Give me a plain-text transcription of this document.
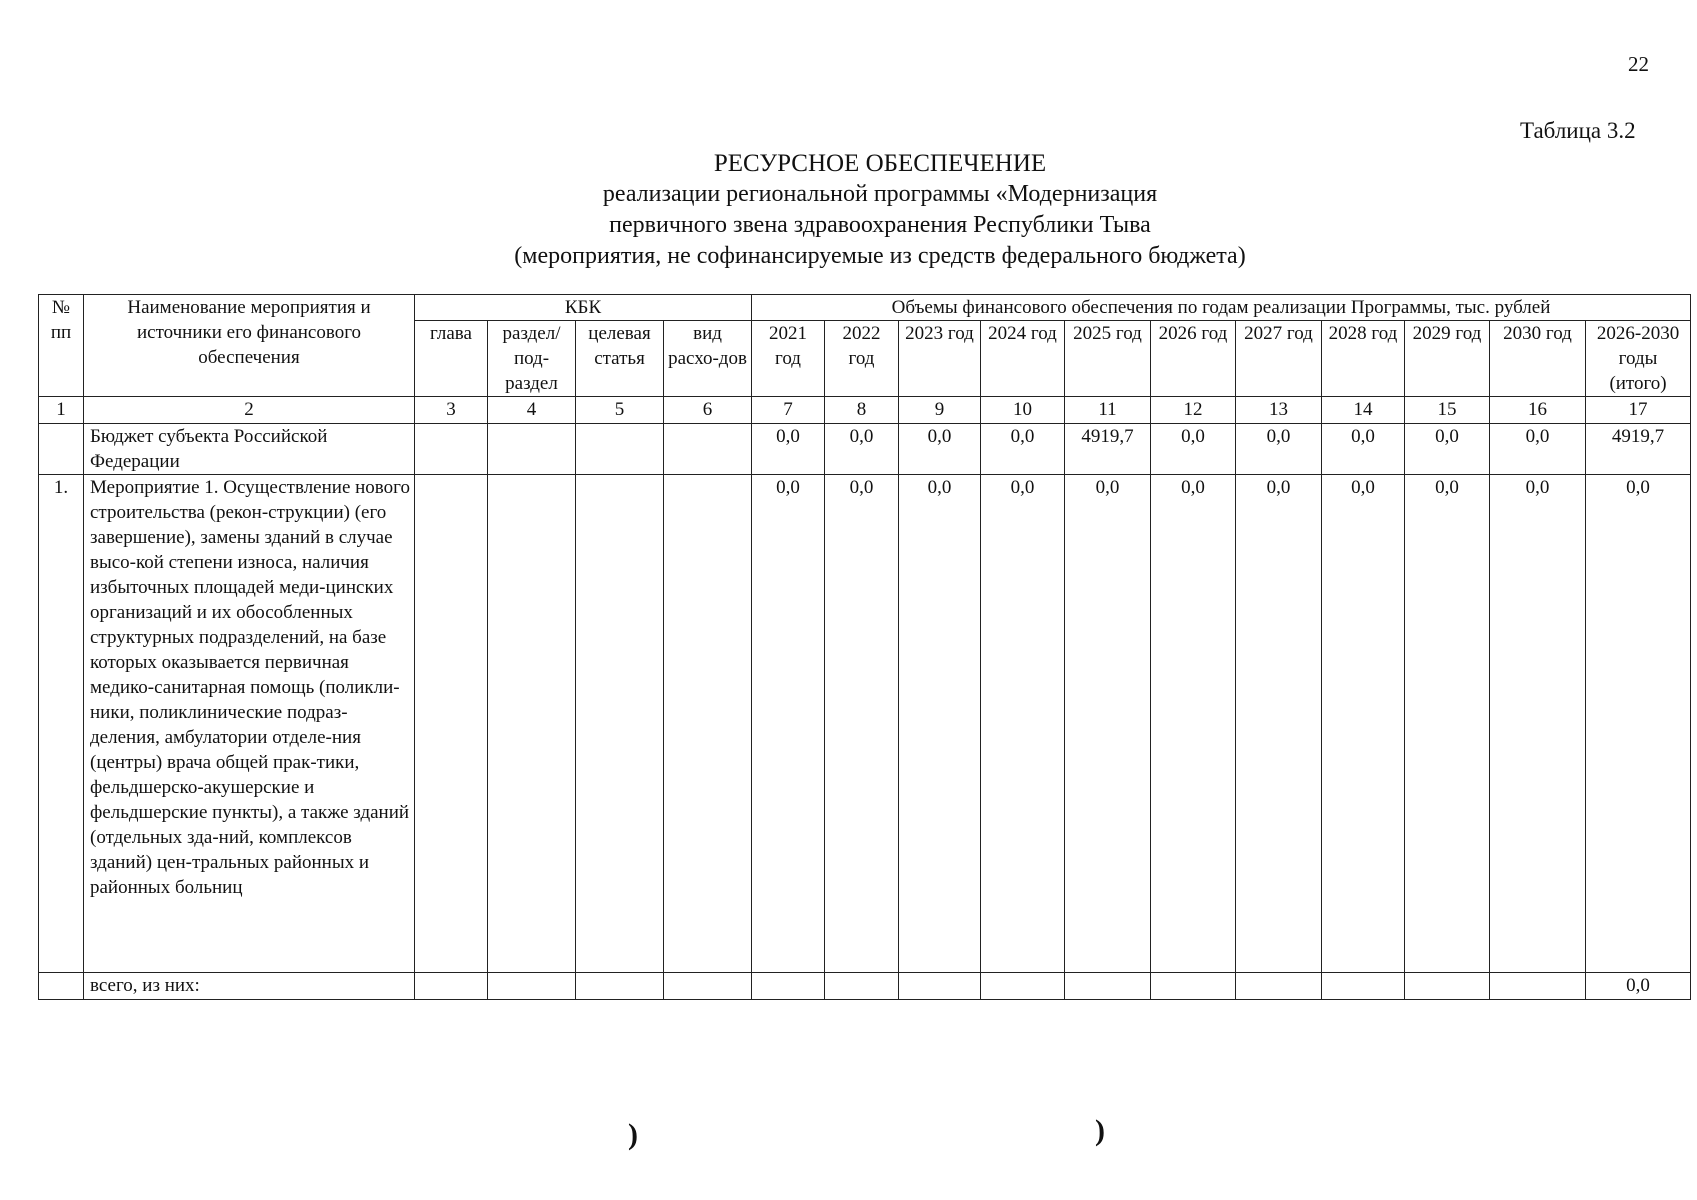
22
Таблица 3.2
РЕСУРСНОЕ ОБЕСПЕЧЕНИЕ
реализации региональной программы «Модернизация
первичного звена здравоохранения Республики Тыва
(мероприятия, не софинансируемые из средств федерального бюджета)
№ пп	Наименование мероприятия и источники его финансового обеспечения	КБК				Объемы финансового обеспечения по годам реализации Программы, тыс. рублей										
		глава	раздел/ под-раздел	целевая статья	вид расхо-дов	2021 год	2022 год	2023 год	2024 год	2025 год	2026 год	2027 год	2028 год	2029 год	2030 год	2026-2030 годы (итого)
1	2	3	4	5	6	7	8	9	10	11	12	13	14	15	16	17
	Бюджет субъекта Российской Федерации					0,0	0,0	0,0	0,0	4919,7	0,0	0,0	0,0	0,0	0,0	4919,7
1.	Мероприятие 1. Осуществление нового строительства (рекон-струкции) (его завершение), замены зданий в случае высо-кой степени износа, наличия избыточных площадей меди-цинских организаций и их обособленных структурных подразделений, на базе которых оказывается первичная медико-санитарная помощь (поликли-ники, поликлинические подраз-деления, амбулатории отделе-ния (центры) врача общей прак-тики, фельдшерско-акушерские и фельдшерские пункты), а также зданий (отдельных зда-ний, комплексов зданий) цен-тральных районных и районных больниц					0,0	0,0	0,0	0,0	0,0	0,0	0,0	0,0	0,0	0,0	0,0
	всего, из них:															0,0
)	)
